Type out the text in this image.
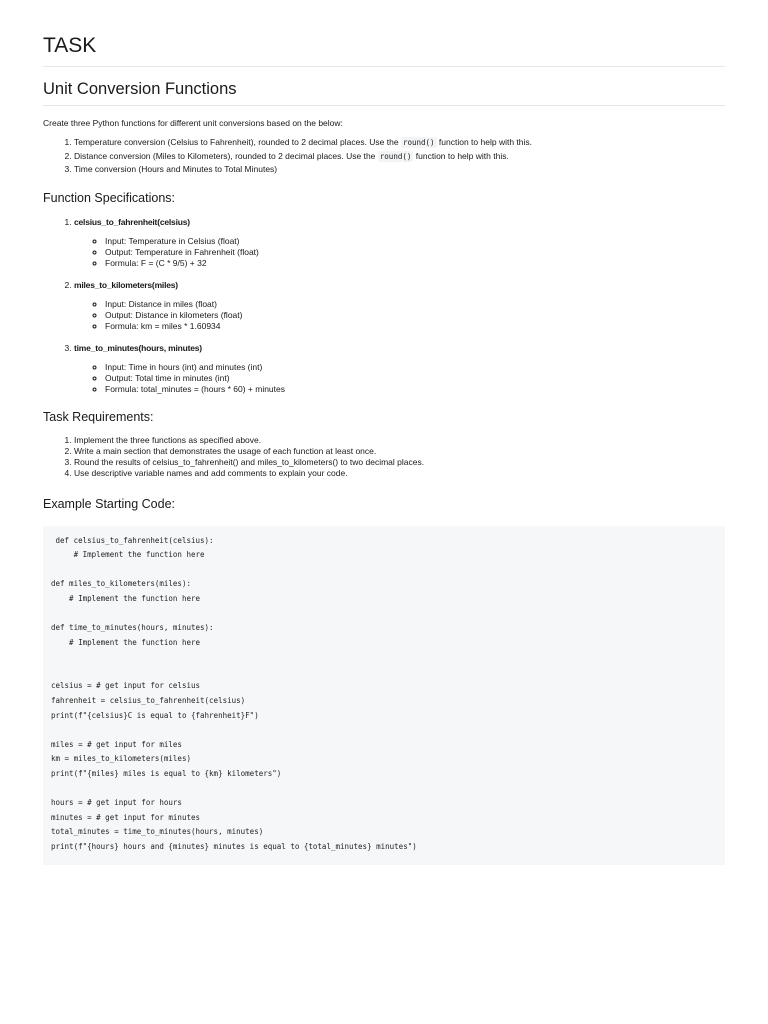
TASK
Unit Conversion Functions

Create three Python functions for different unit conversions based on the below:

1. Temperature conversion (Celsius to Fahrenheit), rounded to 2 decimal places. Use the round() function to help with this.
2. Distance conversion (Miles to Kilometers), rounded to 2 decimal places. Use the round() function to help with this.
3. Time conversion (Hours and Minutes to Total Minutes)
Function Specifications:
1. celsius_to_fahrenheit(celsius)
◦ Input: Temperature in Celsius (float)
◦ Output: Temperature in Fahrenheit (float)
◦ Formula: F = (C * 9/5) + 32
2. miles_to_kilometers(miles)
◦ Input: Distance in miles (float)
◦ Output: Distance in kilometers (float)
◦ Formula: km = miles * 1.60934
3. time_to_minutes(hours, minutes)
◦ Input: Time in hours (int) and minutes (int)
◦ Output: Total time in minutes (int)
◦ Formula: total_minutes = (hours * 60) + minutes
Task Requirements:
1. Implement the three functions as specified above.
2. Write a main section that demonstrates the usage of each function at least once.
3. Round the results of celsius_to_fahrenheit() and miles_to_kilometers() to two decimal places.
4. Use descriptive variable names and add comments to explain your code.
Example Starting Code:
def celsius_to_fahrenheit(celsius):
# Implement the function here

def miles_to_kilometers(miles):
# Implement the function here

def time_to_minutes(hours, minutes):
# Implement the function here

celsius = # get input for celsius
fahrenheit = celsius_to_fahrenheit(celsius)
print(f"{celsius}C is equal to {fahrenheit}F")

miles = # get input for miles
km = miles_to_kilometers(miles)
print(f"{miles} miles is equal to {km} kilometers")

hours = # get input for hours
minutes = # get input for minutes
total_minutes = time_to_minutes(hours, minutes)
print(f"{hours} hours and {minutes} minutes is equal to {total_minutes} minutes")
